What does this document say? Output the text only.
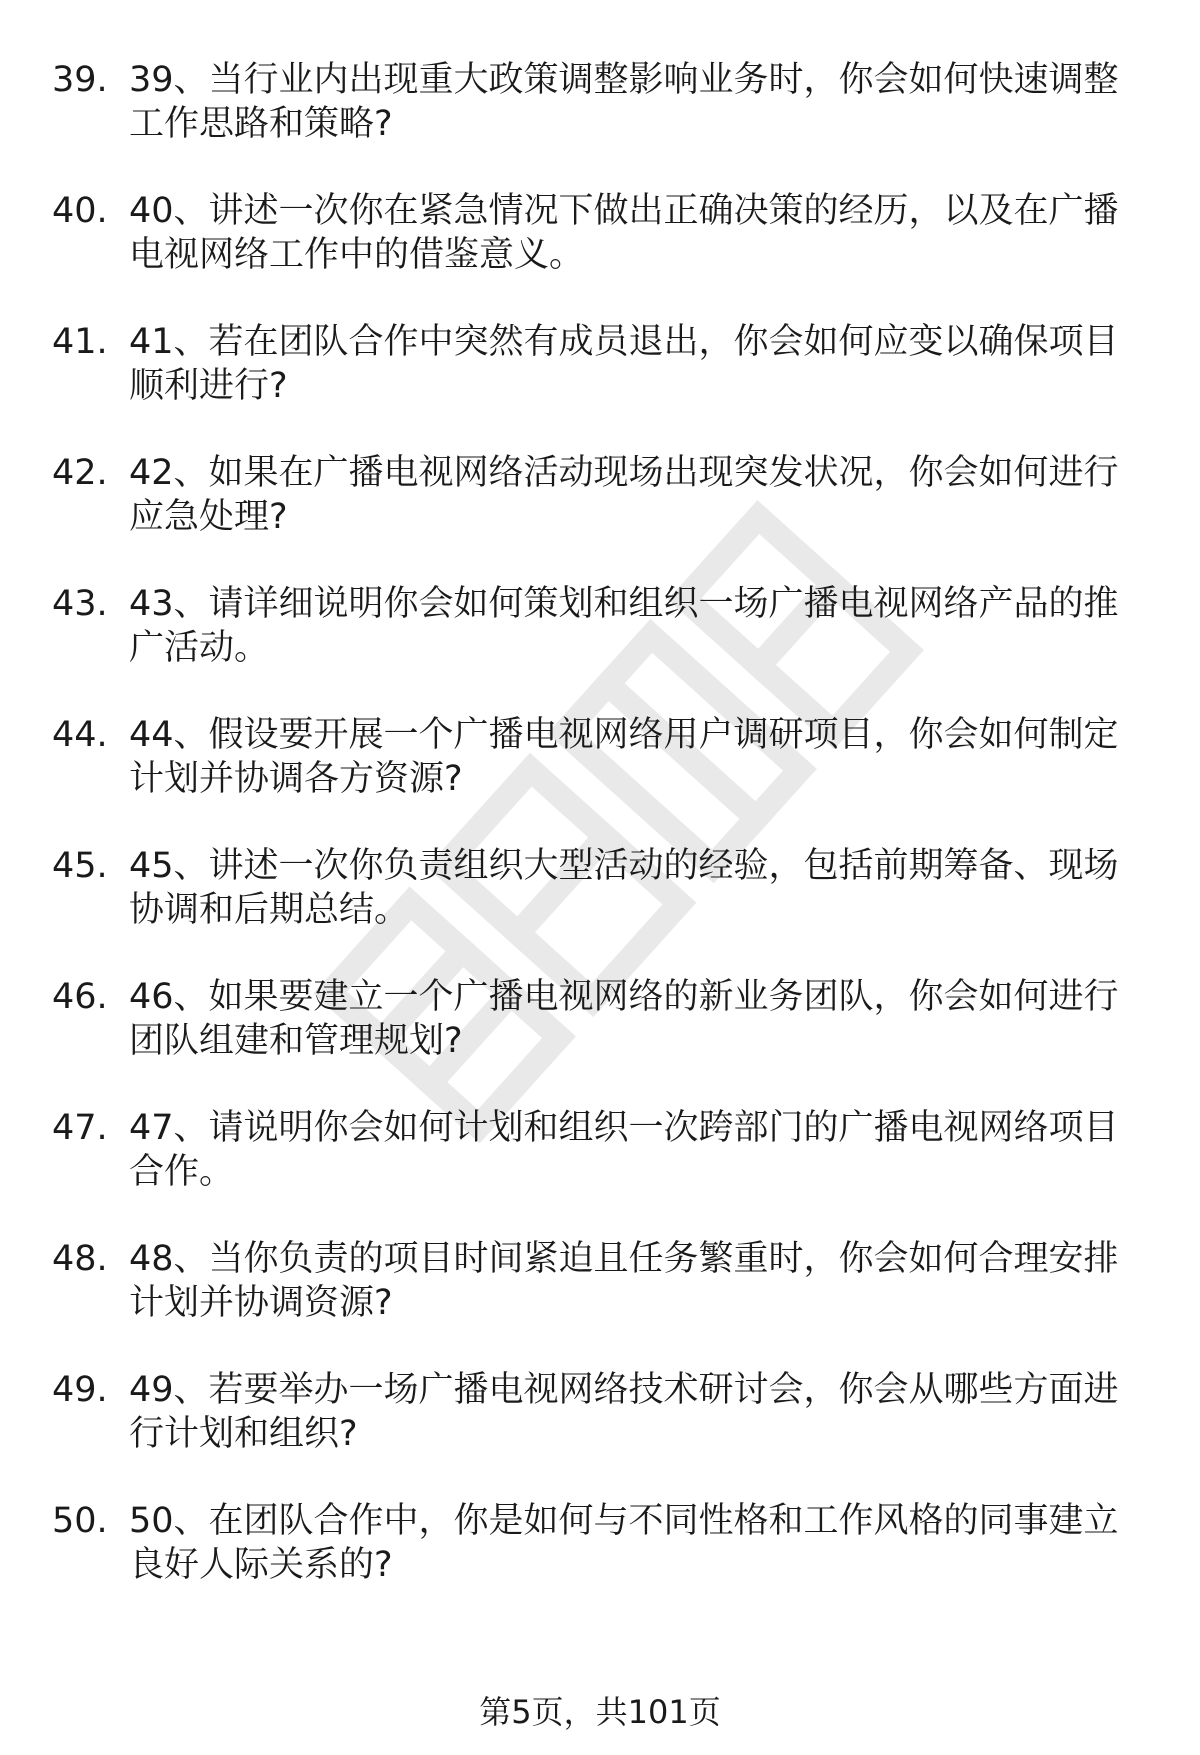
39. 39、当行业内出现重大政策调整影响业务时，你会如何快速调整工作思路和策略?

40. 40、讲述一次你在紧急情况下做出正确决策的经历，以及在广播电视网络工作中的借鉴意义。

41. 41、若在团队合作中突然有成员退出，你会如何应变以确保项目顺利进行?

42. 42、如果在广播电视网络活动现场出现突发状况，你会如何进行应急处理?

43. 43、请详细说明你会如何策划和组织一场广播电视网络产品的推广活动。

44. 44、假设要开展一个广播电视网络用户调研项目，你会如何制定计划并协调各方资源?

45. 45、讲述一次你负责组织大型活动的经验，包括前期筹备、现场协调和后期总结。

46. 46、如果要建立一个广播电视网络的新业务团队，你会如何进行团队组建和管理规划?

47. 47、请说明你会如何计划和组织一次跨部门的广播电视网络项目合作。

48. 48、当你负责的项目时间紧迫且任务繁重时，你会如何合理安排计划并协调资源?

49. 49、若要举办一场广播电视网络技术研讨会，你会从哪些方面进行计划和组织?

50. 50、在团队合作中，你是如何与不同性格和工作风格的同事建立良好人际关系的?

第5页，共101页
